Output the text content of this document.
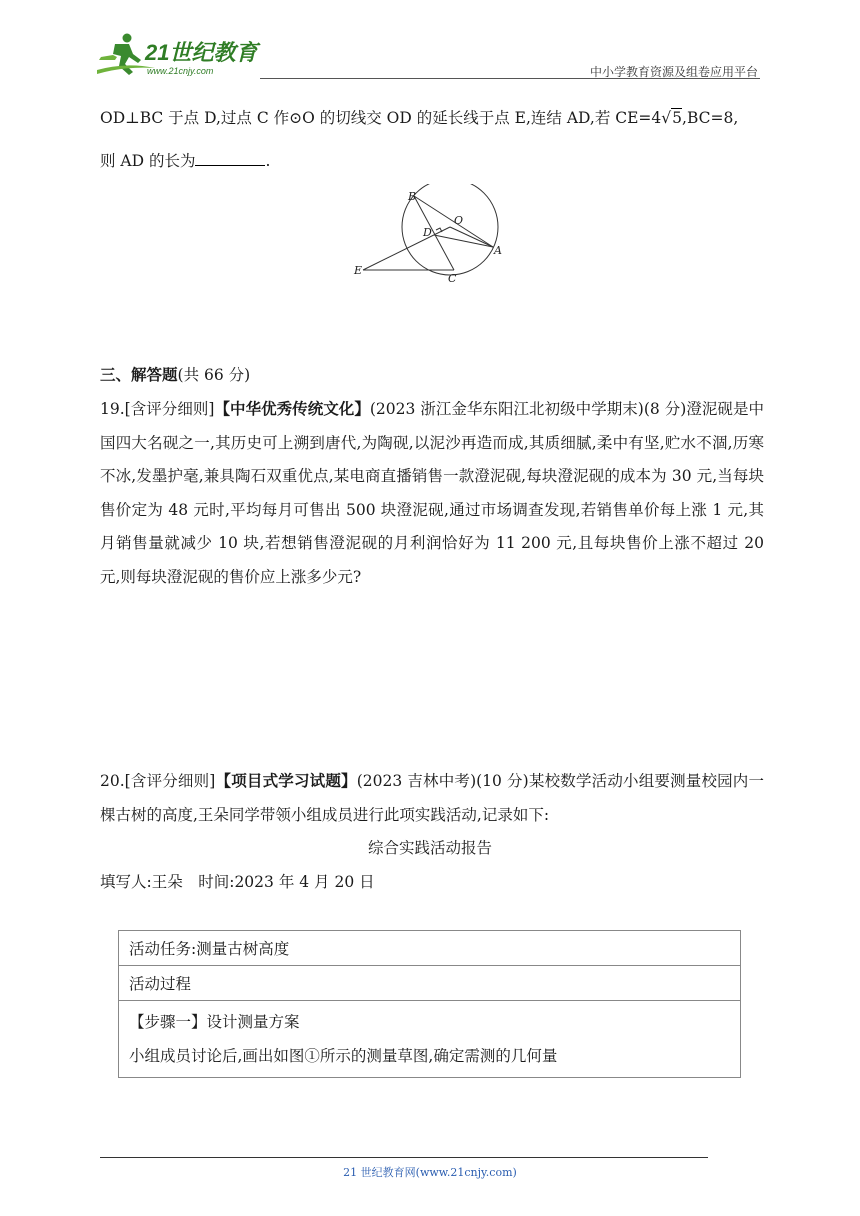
21世纪教育
www.21cnjy.com	中小学教育资源及组卷应用平台
OD⊥BC 于点 D,过点 C 作⊙O 的切线交 OD 的延长线于点 E,连结 AD,若 CE=4√5,BC=8,
则 AD 的长为	.
B
O
D
A
E
C
三、解答题(共 66 分)
19.[含评分细则]【中华优秀传统文化】(2023 浙江金华东阳江北初级中学期末)(8 分)澄泥砚是中国四大名砚之一,其历史可上溯到唐代,为陶砚,以泥沙再造而成,其质细腻,柔中有坚,贮水不涸,历寒不冰,发墨护毫,兼具陶石双重优点,某电商直播销售一款澄泥砚,每块澄泥砚的成本为 30 元,当每块售价定为 48 元时,平均每月可售出 500 块澄泥砚,通过市场调查发现,若销售单价每上涨 1 元,其月销售量就减少 10 块,若想销售澄泥砚的月利润恰好为 11 200 元,且每块售价上涨不超过 20 元,则每块澄泥砚的售价应上涨多少元?
20.[含评分细则]【项目式学习试题】(2023 吉林中考)(10 分)某校数学活动小组要测量校园内一棵古树的高度,王朵同学带领小组成员进行此项实践活动,记录如下:
综合实践活动报告
填写人:王朵　时间:2023 年 4 月 20 日
活动任务:测量古树高度
活动过程

【步骤一】设计测量方案
小组成员讨论后,画出如图①所示的测量草图,确定需测的几何量
21 世纪教育网(www.21cnjy.com)
